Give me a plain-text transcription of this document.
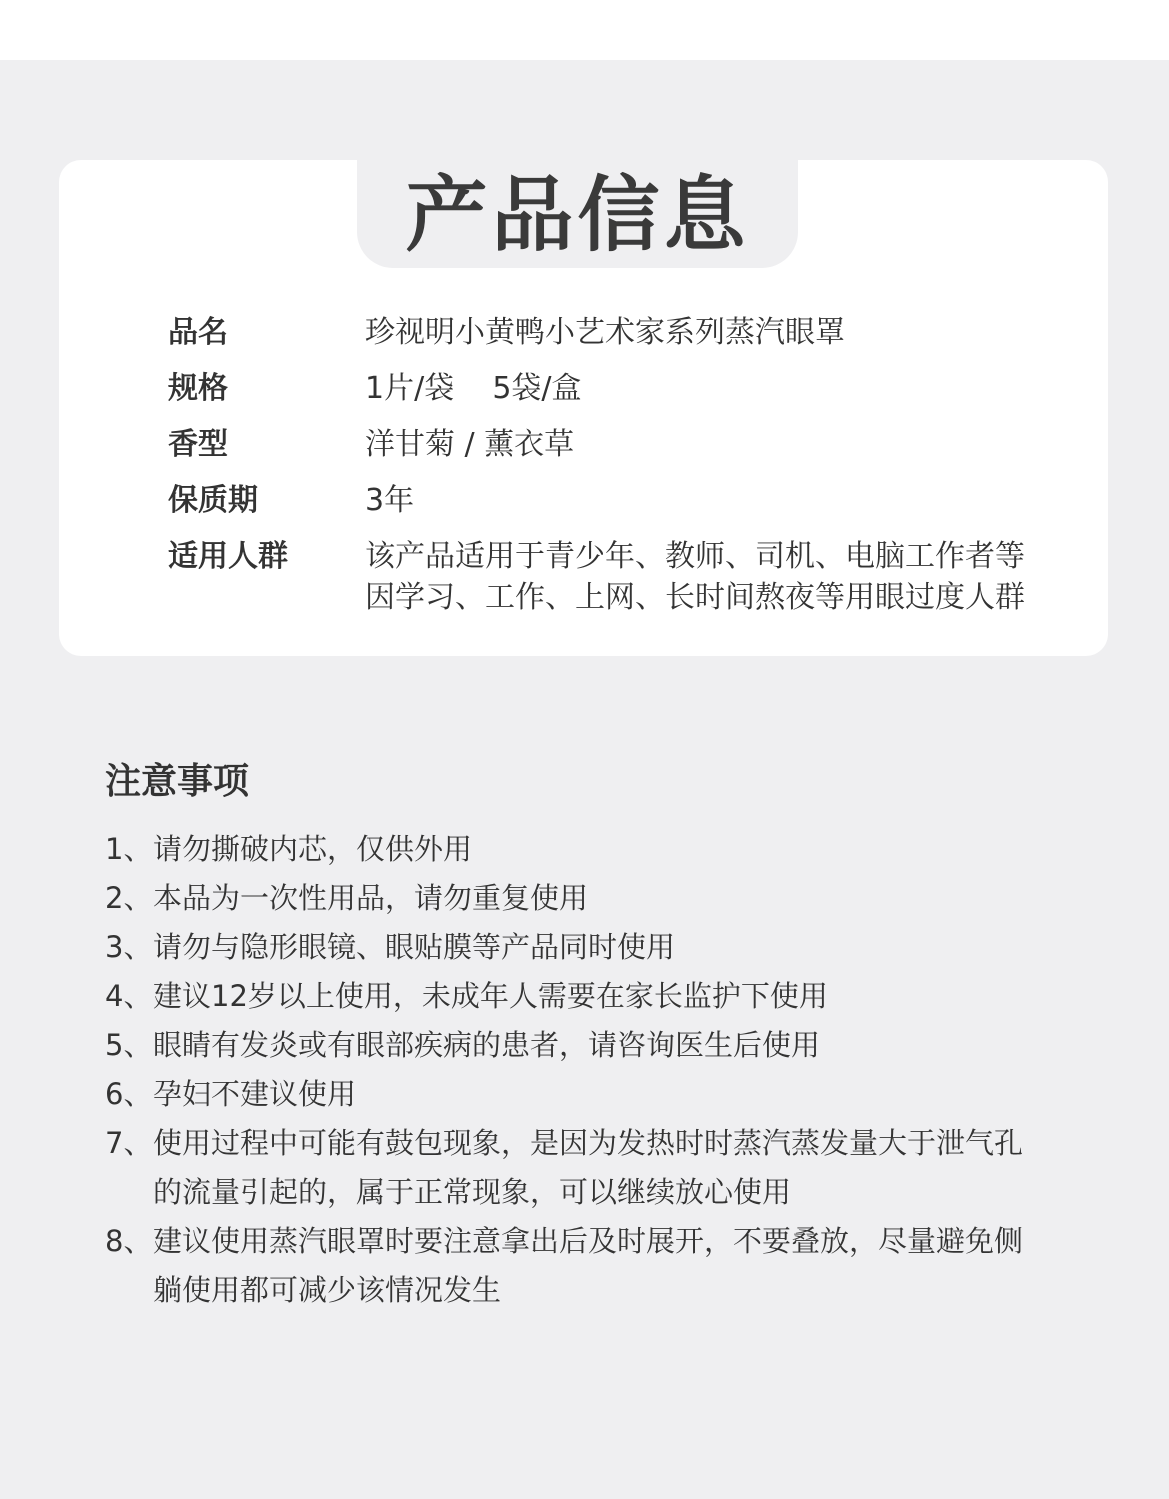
产品信息
品名	珍视明小黄鸭小艺术家系列蒸汽眼罩
规格	1片/袋    5袋/盒
香型	洋甘菊 / 薰衣草
保质期	3年
适用人群	该产品适用于青少年、教师、司机、电脑工作者等
因学习、工作、上网、长时间熬夜等用眼过度人群
注意事项
1、 请勿撕破内芯，仅供外用
2、 本品为一次性用品，请勿重复使用
3、 请勿与隐形眼镜、眼贴膜等产品同时使用
4、 建议12岁以上使用，未成年人需要在家长监护下使用
5、 眼睛有发炎或有眼部疾病的患者，请咨询医生后使用
6、 孕妇不建议使用
7、 使用过程中可能有鼓包现象，是因为发热时时蒸汽蒸发量大于泄气孔
的流量引起的，属于正常现象，可以继续放心使用
8、 建议使用蒸汽眼罩时要注意拿出后及时展开，不要叠放，尽量避免侧
躺使用都可减少该情况发生
